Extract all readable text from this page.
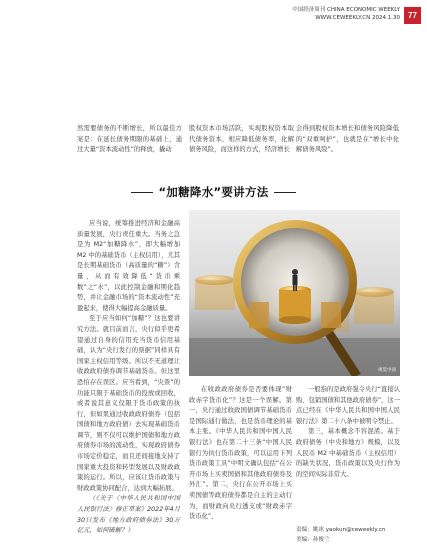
中国经济周刊 CHINA ECONOMIC WEEKLY
WWW.CEWEEKLY.CN 2024.1.30	77
然需要债务的不断增长，所以最佳方案是：在延长债务期限的基础上，通过大量“资本流动性”的释放，撬动
股权资本市场活跃，实现股权资本取代债务资本，相应降低债务率，化解债务风险，而这样的方式，经济增长
会得到股权资本增长和债务风险降低的“双重呵护”，也就是在“增长中化解债务风险”。
“加糖降水”要讲方法

应当说，统筹推进经济和金融高质量发展，央行责任重大。当务之急是为 M2“加糖降水”，即大幅增加 M2 中的基础货币（主权信用），尤其是长期基础货币（高质量的“糖”）含量，从而有效降低“货币乘数”之“水”，以此控制金融和期化趋势，并让金融市场的“资本流动性”充盈起来，使得大幅提高金融质量。

至于应当如何“加糖”？这也要讲究方法。就目前而言，央行似乎更希望通过自身的信用充当货币信用基础，认为“央行发行的票据”同样具有国家主权信用等级。所以不无道理让收政政府债券调节基础货币。但这里恐怕存在误区。应当看到，“央票”的功能只限于基础货币的投放或回收，或者说其意义仅限于货币政策的执行，但如果通过收政政府债券（包括国债和地方政府债）去实现基础货币调节，则不仅可以维护国债和地方政府债券市场的流动性，实现政府债券市场定价稳定，而且还间接地支持了国家重大投资和转型发展以及财政政策的运行。所以，应该让货币政策与财政政策协同配合，达到大幅拓展。

（《关于〈中华人民共和国中国人民银行法〉修正草案》2022年4月30日发布《地方政府债券法》30万亿元，如何破解？）

视觉中国

在收政政府债券是否要体现“财政赤字货币化”？这是一个误解。第一，央行通过收政国债调节基础货币是国际通行做法，也是货币理论的基本主张。《中华人民共和国中国人民银行法》也在第二十三条“中国人民银行为执行货币政策，可以运用下列货币政策工具”中明文确认包括“在公开市场上买卖国债和其他政府债券及外汇”。第二，央行在公开市场上买卖国债等政府债券都是自主的主动行为，而财政向央行透支或“财政赤字货币化”，

一般指的是政府强令央行“直接认购、包销国债和其他政府债券”，这一点已经在《中华人民共和国中国人民银行法》第二十八条中被明令禁止。

第三，基本概念不容混淆。基于政府债务（中央和地方）规模，以及人民币 M2 中基础货币（主权信用）的缺失状况，货币政策以及央行作为的空间实际非常大。

责编：姚冰 yaokun@ceweekly.cn
美编：孙俊兰
